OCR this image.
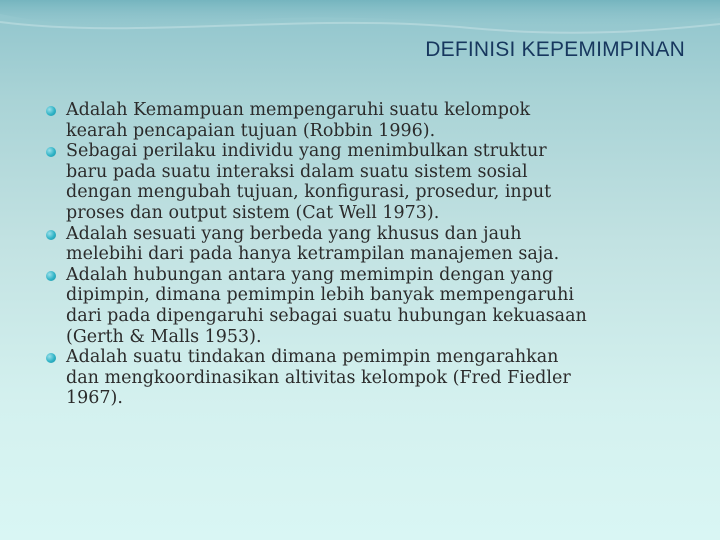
DEFINISI KEPEMIMPINAN
Adalah Kemampuan mempengaruhi suatu kelompok
kearah pencapaian tujuan (Robbin 1996).
Sebagai perilaku individu yang menimbulkan struktur
baru pada suatu interaksi dalam suatu sistem sosial
dengan mengubah tujuan, konfigurasi, prosedur, input
proses dan output sistem (Cat Well 1973).
Adalah sesuati yang berbeda yang khusus dan jauh
melebihi dari pada hanya ketrampilan manajemen saja.
Adalah hubungan antara yang memimpin dengan yang
dipimpin, dimana pemimpin lebih banyak mempengaruhi
dari pada dipengaruhi sebagai suatu hubungan kekuasaan
(Gerth & Malls 1953).
Adalah suatu tindakan dimana pemimpin mengarahkan
dan mengkoordinasikan altivitas kelompok (Fred Fiedler
1967).
